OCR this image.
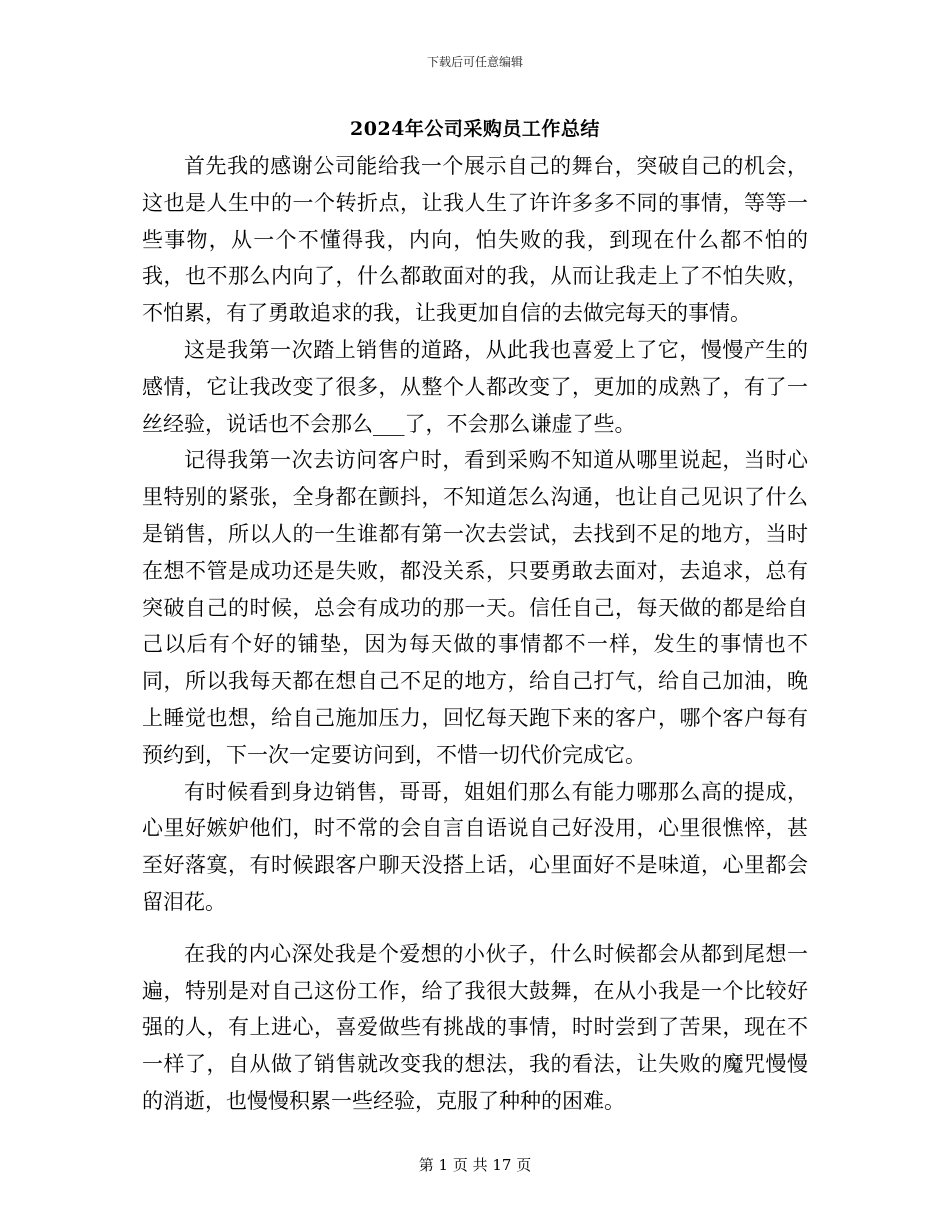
下载后可任意编辑
2024年公司采购员工作总结

首先我的感谢公司能给我一个展示自己的舞台，突破自己的机会，这也是人生中的一个转折点，让我人生了许许多多不同的事情，等等一些事物，从一个不懂得我，内向，怕失败的我，到现在什么都不怕的我，也不那么内向了，什么都敢面对的我，从而让我走上了不怕失败，不怕累，有了勇敢追求的我，让我更加自信的去做完每天的事情。

这是我第一次踏上销售的道路，从此我也喜爱上了它，慢慢产生的感情，它让我改变了很多，从整个人都改变了，更加的成熟了，有了一丝经验，说话也不会那么___了，不会那么谦虚了些。

记得我第一次去访问客户时，看到采购不知道从哪里说起，当时心里特别的紧张，全身都在颤抖，不知道怎么沟通，也让自己见识了什么是销售，所以人的一生谁都有第一次去尝试，去找到不足的地方，当时在想不管是成功还是失败，都没关系，只要勇敢去面对，去追求，总有突破自己的时候，总会有成功的那一天。信任自己，每天做的都是给自己以后有个好的铺垫，因为每天做的事情都不一样，发生的事情也不同，所以我每天都在想自己不足的地方，给自己打气，给自己加油，晚上睡觉也想，给自己施加压力，回忆每天跑下来的客户，哪个客户每有预约到，下一次一定要访问到，不惜一切代价完成它。

有时候看到身边销售，哥哥，姐姐们那么有能力哪那么高的提成，心里好嫉妒他们，时不常的会自言自语说自己好没用，心里很憔悴，甚至好落寞，有时候跟客户聊天没搭上话，心里面好不是味道，心里都会留泪花。

在我的内心深处我是个爱想的小伙子，什么时候都会从都到尾想一遍，特别是对自己这份工作，给了我很大鼓舞，在从小我是一个比较好强的人，有上进心，喜爱做些有挑战的事情，时时尝到了苦果，现在不一样了，自从做了销售就改变我的想法，我的看法，让失败的魔咒慢慢的消逝，也慢慢积累一些经验，克服了种种的困难。

第 1 页 共 17 页
